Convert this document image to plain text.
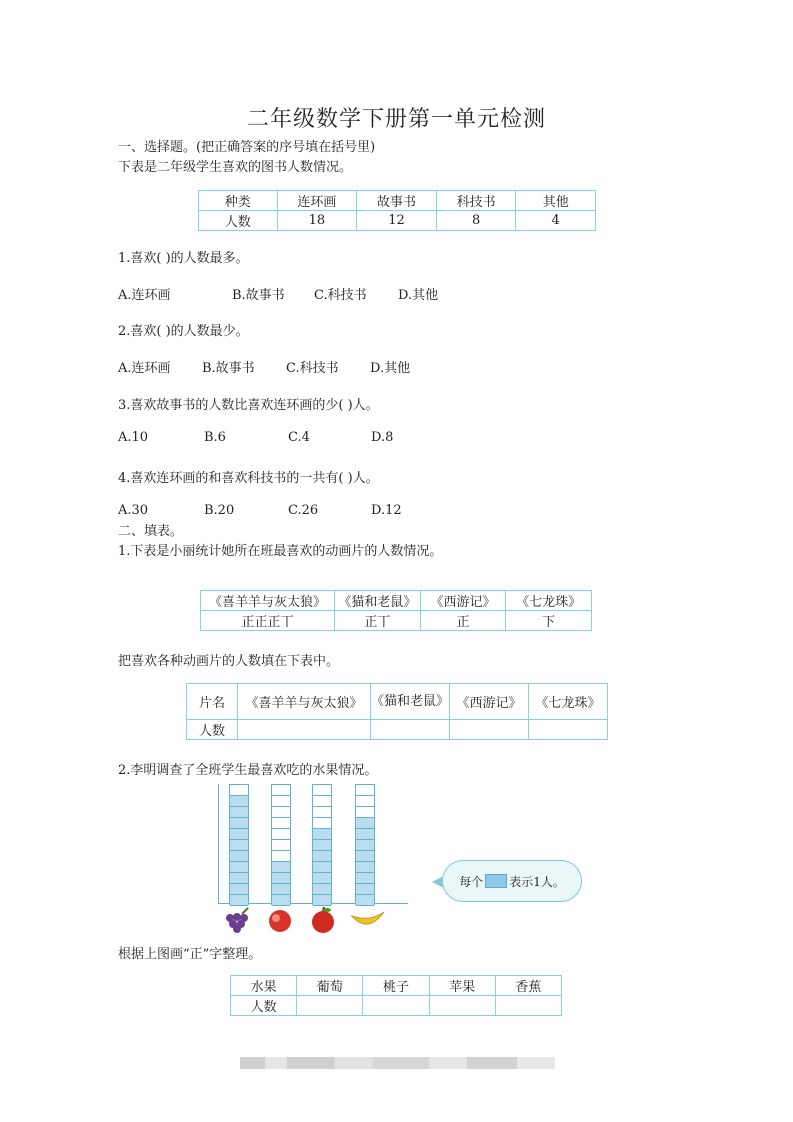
二年级数学下册第一单元检测
一、选择题。(把正确答案的序号填在括号里)
下表是二年级学生喜欢的图书人数情况。
种类	连环画	故事书	科技书	其他
人数	18	12	8	4
1.喜欢( )的人数最多。
A.连环画	B.故事书 C.科技书 D.其他
2.喜欢( )的人数最少。
A.连环画 B.故事书 C.科技书 D.其他
3.喜欢故事书的人数比喜欢连环画的少( )人。
A.10	B.6	C.4	D.8
4.喜欢连环画的和喜欢科技书的一共有( )人。
A.30	B.20	C.26	D.12
二、填表。
1.下表是小丽统计她所在班最喜欢的动画片的人数情况。
《喜羊羊与灰太狼》	《猫和老鼠》	《西游记》	《七龙珠》
正正正丅	正丅	正	下
把喜欢各种动画片的人数填在下表中。
片名	《喜羊羊与灰太狼》	《猫和老鼠》	《西游记》	《七龙珠》
人数				
2.李明调查了全班学生最喜欢吃的水果情况。
每个 表示1人。
根据上图画“正”字整理。
水果	葡萄	桃子	苹果	香蕉
人数				
